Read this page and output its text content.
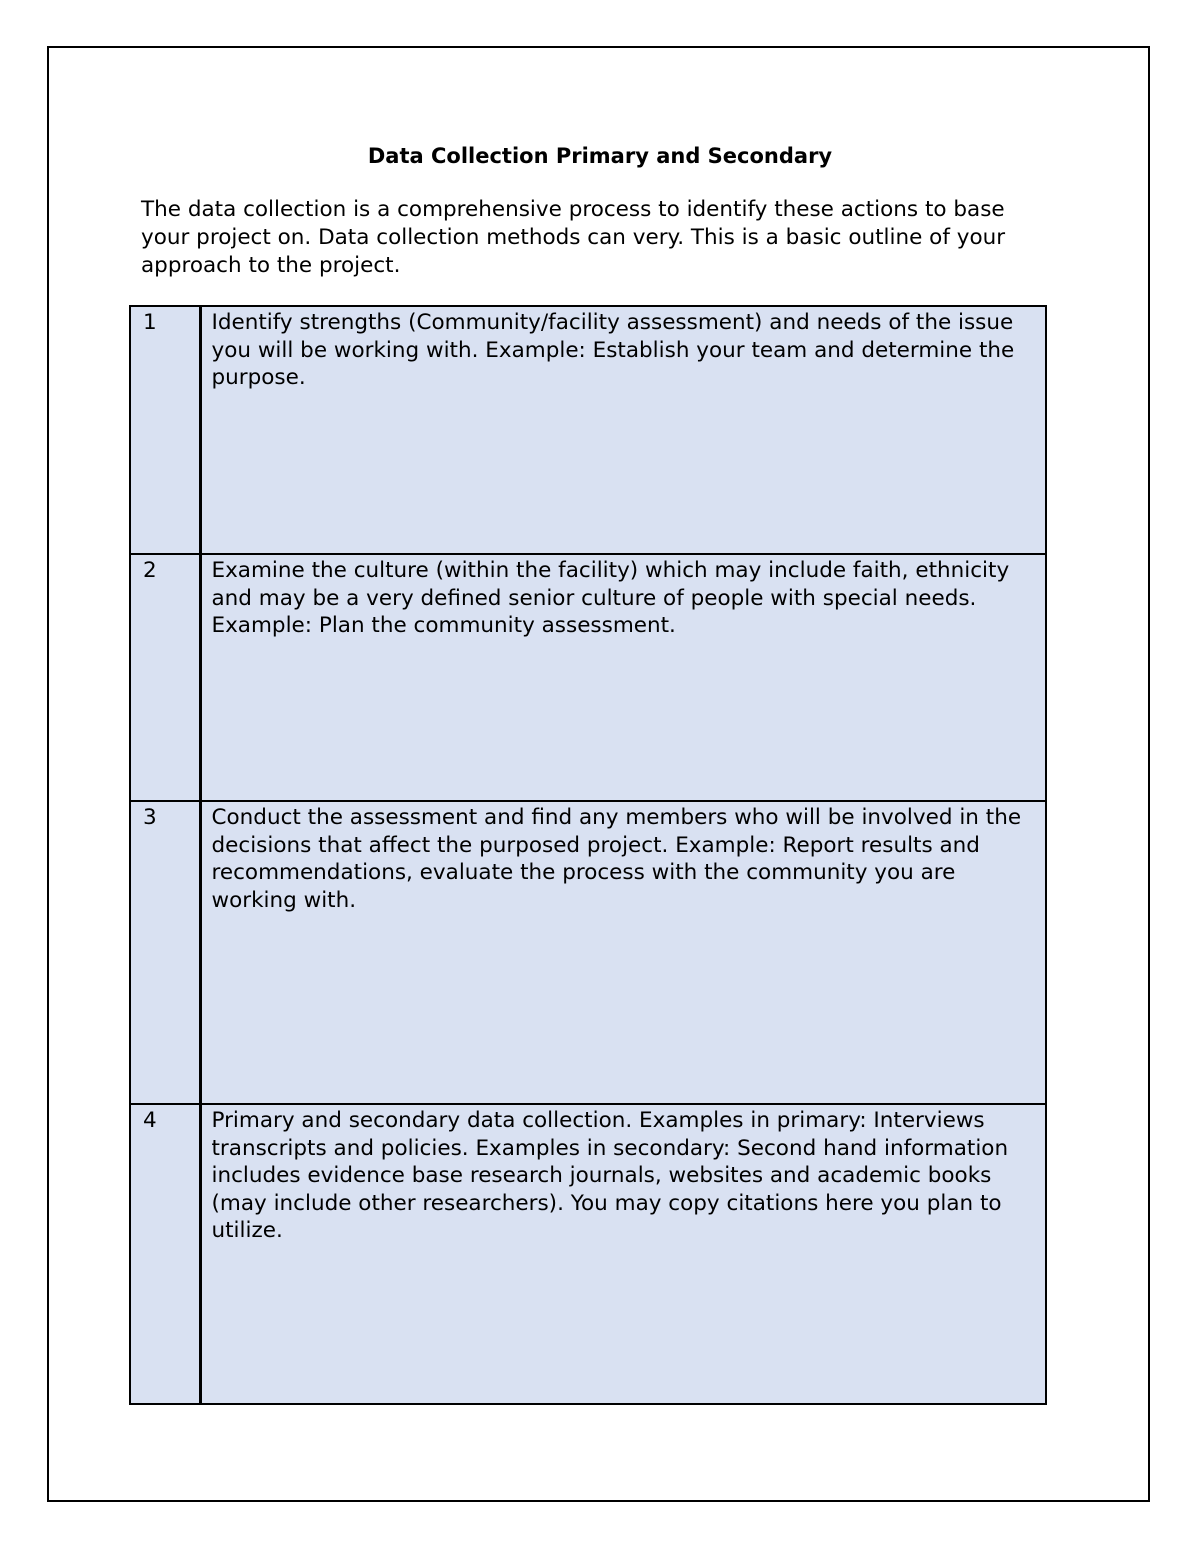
Data Collection Primary and Secondary

The data collection is a comprehensive process to identify these actions to base your project on. Data collection methods can very. This is a basic outline of your approach to the project.

1	Identify strengths (Community/facility assessment) and needs of the issue you will be working with. Example: Establish your team and determine the purpose.
2	Examine the culture (within the facility) which may include faith, ethnicity and may be a very defined senior culture of people with special needs. Example: Plan the community assessment.
3	Conduct the assessment and find any members who will be involved in the decisions that affect the purposed project. Example: Report results and recommendations, evaluate the process with the community you are working with.
4	Primary and secondary data collection. Examples in primary: Interviews transcripts and policies. Examples in secondary: Second hand information includes evidence base research journals, websites and academic books (may include other researchers). You may copy citations here you plan to utilize.
